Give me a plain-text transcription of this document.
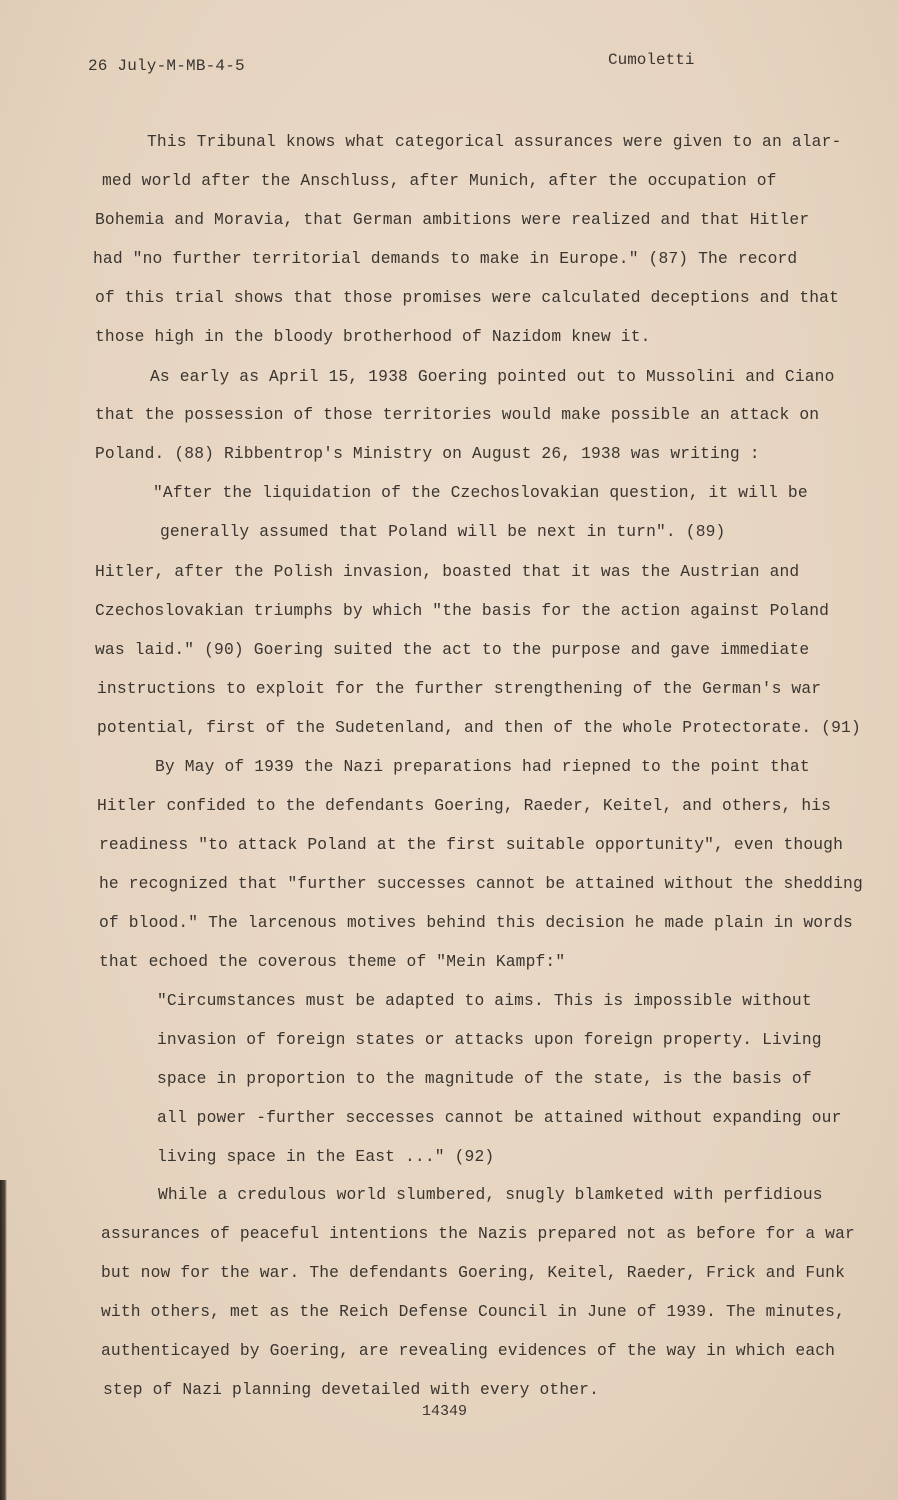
26 July-M-MB-4-5	Cumoletti
This Tribunal knows what categorical assurances were given to an alar-
med world after the Anschluss, after Munich, after the occupation of
Bohemia and Moravia, that German ambitions were realized and that Hitler
had "no further territorial demands to make in Europe." (87) The record
of this trial shows that those promises were calculated deceptions and that
those high in the bloody brotherhood of Nazidom knew it.
As early as April 15, 1938 Goering pointed out to Mussolini and Ciano
that the possession of those territories would make possible an attack on
Poland. (88) Ribbentrop's Ministry on August 26, 1938 was writing :
"After the liquidation of the Czechoslovakian question, it will be
generally assumed that Poland will be next in turn". (89)
Hitler, after the Polish invasion, boasted that it was the Austrian and
Czechoslovakian triumphs by which "the basis for the action against Poland
was laid." (90) Goering suited the act to the purpose and gave immediate
instructions to exploit for the further strengthening of the German's war
potential, first of the Sudetenland, and then of the whole Protectorate. (91)
By May of 1939 the Nazi preparations had riepned to the point that
Hitler confided to the defendants Goering, Raeder, Keitel, and others, his
readiness "to attack Poland at the first suitable opportunity", even though
he recognized that "further successes cannot be attained without the shedding
of blood." The larcenous motives behind this decision he made plain in words
that echoed the coverous theme of "Mein Kampf:"
"Circumstances must be adapted to aims. This is impossible without
invasion of foreign states or attacks upon foreign property. Living
space in proportion to the magnitude of the state, is the basis of
all power -further seccesses cannot be attained without expanding our
living space in the East ..." (92)
While a credulous world slumbered, snugly blamketed with perfidious
assurances of peaceful intentions the Nazis prepared not as before for a war
but now for the war. The defendants Goering, Keitel, Raeder, Frick and Funk
with others, met as the Reich Defense Council in June of 1939. The minutes,
authenticayed by Goering, are revealing evidences of the way in which each
step of Nazi planning devetailed with every other.
14349
